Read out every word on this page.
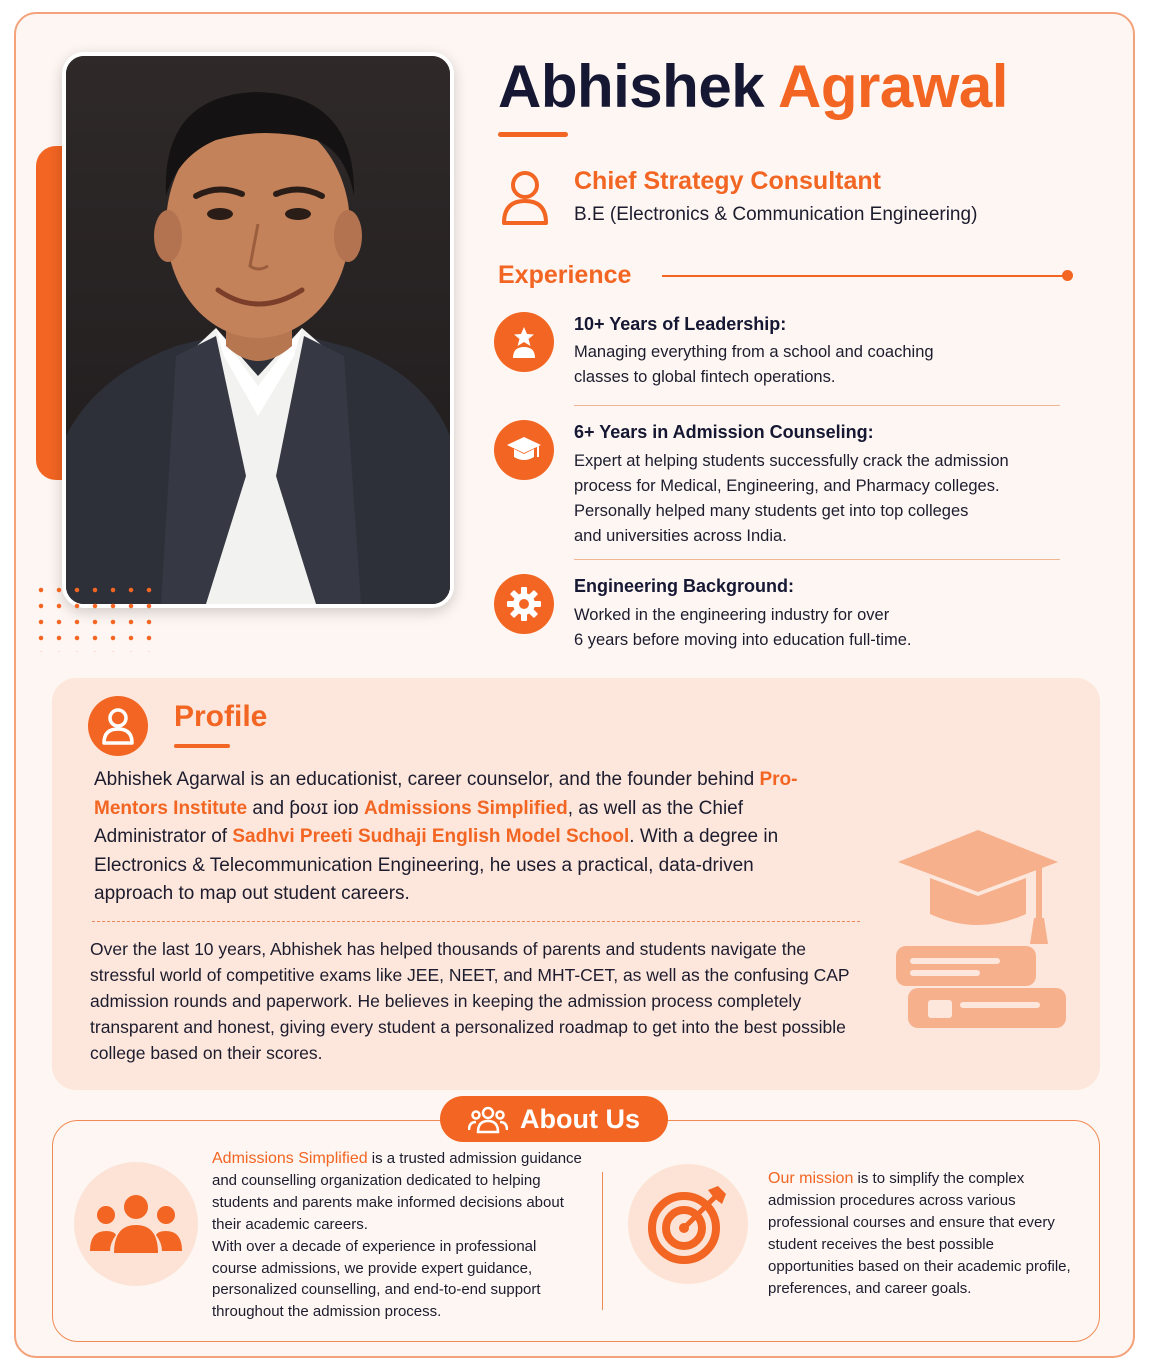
Abhishek Agrawal
Chief Strategy Consultant
B.E (Electronics & Communication Engineering)
Experience
10+ Years of Leadership:
Managing everything from a school and coaching
classes to global fintech operations.
6+ Years in Admission Counseling:
Expert at helping students successfully crack the admission
process for Medical, Engineering, and Pharmacy colleges.
Personally helped many students get into top colleges
and universities across India.
Engineering Background:
Worked in the engineering industry for over
6 years before moving into education full-time.
Profile
Abhishek Agarwal is an educationist, career counselor, and the founder behind Pro-Mentors Institute and ƥoʊɪ ioɒ Admissions Simplified, as well as the Chief Administrator of Sadhvi Preeti Sudhaji English Model School. With a degree in Electronics & Telecommunication Engineering, he uses a practical, data-driven approach to map out student careers.
Over the last 10 years, Abhishek has helped thousands of parents and students navigate the stressful world of competitive exams like JEE, NEET, and MHT-CET, as well as the confusing CAP admission rounds and paperwork. He believes in keeping the admission process completely transparent and honest, giving every student a personalized roadmap to get into the best possible college based on their scores.
About Us
Admissions Simplified is a trusted admission guidance and counselling organization dedicated to helping students and parents make informed decisions about their academic careers.
With over a decade of experience in professional course admissions, we provide expert guidance, personalized counselling, and end-to-end support throughout the admission process.
Our mission is to simplify the complex admission procedures across various professional courses and ensure that every student receives the best possible opportunities based on their academic profile, preferences, and career goals.
